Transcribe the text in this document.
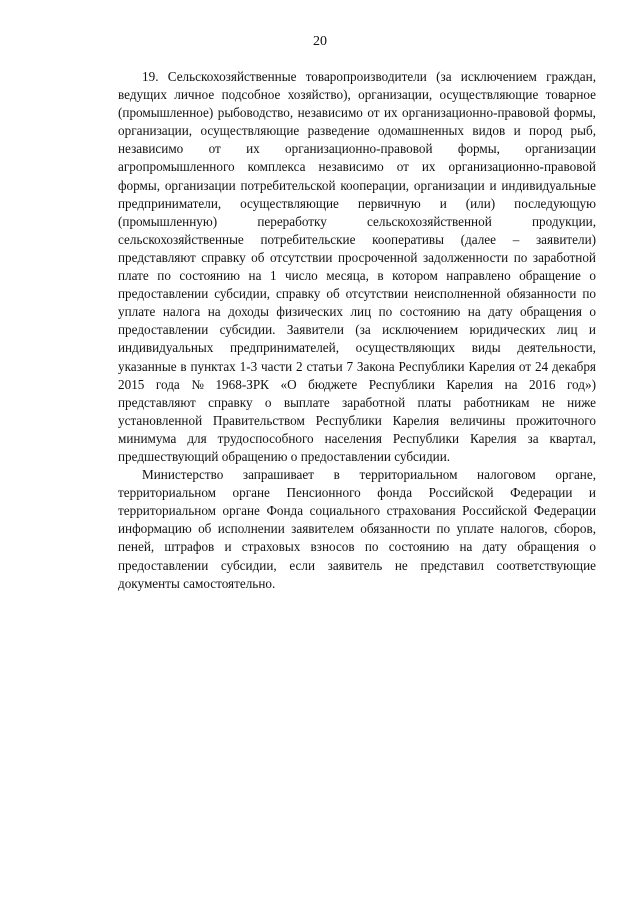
20
19. Сельскохозяйственные товаропроизводители (за исключением граждан,
ведущих личное подсобное хозяйство), организации, осуществляющие товарное
(промышленное) рыбоводство, независимо от их организационно-правовой формы,
организации, осуществляющие разведение одомашненных видов и пород рыб,
независимо от их организационно-правовой формы, организации
агропромышленного комплекса независимо от их организационно-правовой
формы, организации потребительской кооперации, организации и индивидуальные
предприниматели, осуществляющие первичную и (или) последующую
(промышленную) переработку сельскохозяйственной продукции,
сельскохозяйственные потребительские кооперативы (далее – заявители)
представляют справку об отсутствии просроченной задолженности по заработной
плате по состоянию на 1 число месяца, в котором направлено обращение о
предоставлении субсидии, справку об отсутствии неисполненной обязанности по
уплате налога на доходы физических лиц по состоянию на дату обращения о
предоставлении субсидии. Заявители (за исключением юридических лиц и
индивидуальных предпринимателей, осуществляющих виды деятельности,
указанные в пунктах 1-3 части 2 статьи 7 Закона Республики Карелия от 24 декабря
2015 года № 1968-ЗРК «О бюджете Республики Карелия на 2016 год»)
представляют справку о выплате заработной платы работникам не ниже
установленной Правительством Республики Карелия величины прожиточного
минимума для трудоспособного населения Республики Карелия за квартал,
предшествующий обращению о предоставлении субсидии.
Министерство запрашивает в территориальном налоговом органе,
территориальном органе Пенсионного фонда Российской Федерации и
территориальном органе Фонда социального страхования Российской Федерации
информацию об исполнении заявителем обязанности по уплате налогов, сборов,
пеней, штрафов и страховых взносов по состоянию на дату обращения о
предоставлении субсидии, если заявитель не представил соответствующие
документы самостоятельно.
